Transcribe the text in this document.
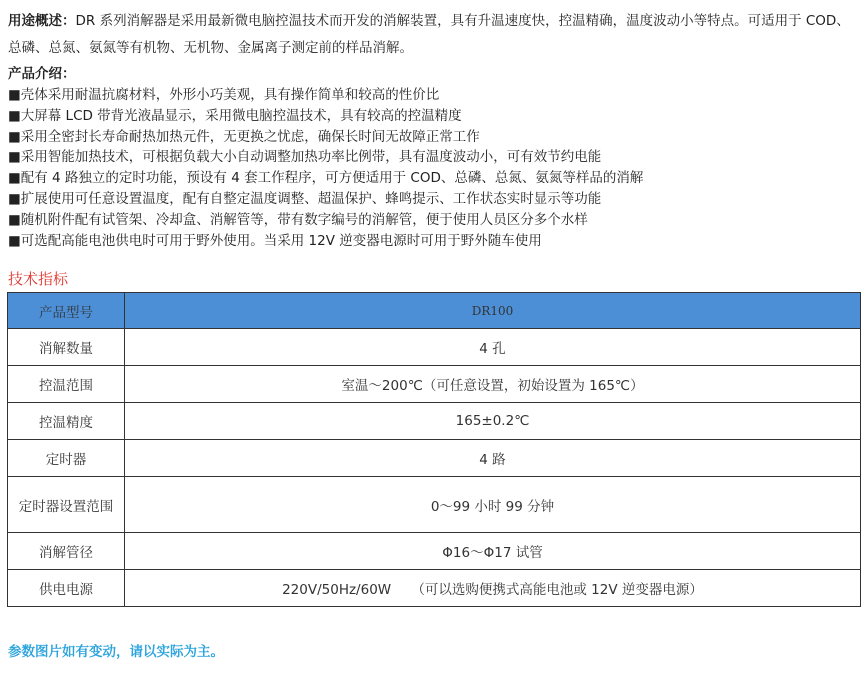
用途概述：DR 系列消解器是采用最新微电脑控温技术而开发的消解装置，具有升温速度快，控温精确，温度波动小等特点。可适用于 COD、总磷、总氮、氨氮等有机物、无机物、金属离子测定前的样品消解。
产品介绍：
■壳体采用耐温抗腐材料，外形小巧美观，具有操作简单和较高的性价比
■大屏幕 LCD 带背光液晶显示，采用微电脑控温技术，具有较高的控温精度
■采用全密封长寿命耐热加热元件，无更换之忧虑，确保长时间无故障正常工作
■采用智能加热技术，可根据负载大小自动调整加热功率比例带，具有温度波动小，可有效节约电能
■配有 4 路独立的定时功能，预设有 4 套工作程序，可方便适用于 COD、总磷、总氮、氨氮等样品的消解
■扩展使用可任意设置温度，配有自整定温度调整、超温保护、蜂鸣提示、工作状态实时显示等功能
■随机附件配有试管架、冷却盒、消解管等，带有数字编号的消解管，便于使用人员区分多个水样
■可选配高能电池供电时可用于野外使用。当采用 12V 逆变器电源时可用于野外随车使用
技术指标
产品型号	DR100
消解数量	4 孔
控温范围	室温～200℃（可任意设置，初始设置为 165℃）
控温精度	165±0.2℃
定时器	4 路
定时器设置范围	0～99 小时 99 分钟
消解管径	Φ16～Φ17 试管
供电电源	220V/50Hz/60W　　（可以选购便携式高能电池或 12V 逆变器电源）
参数图片如有变动，请以实际为主。
